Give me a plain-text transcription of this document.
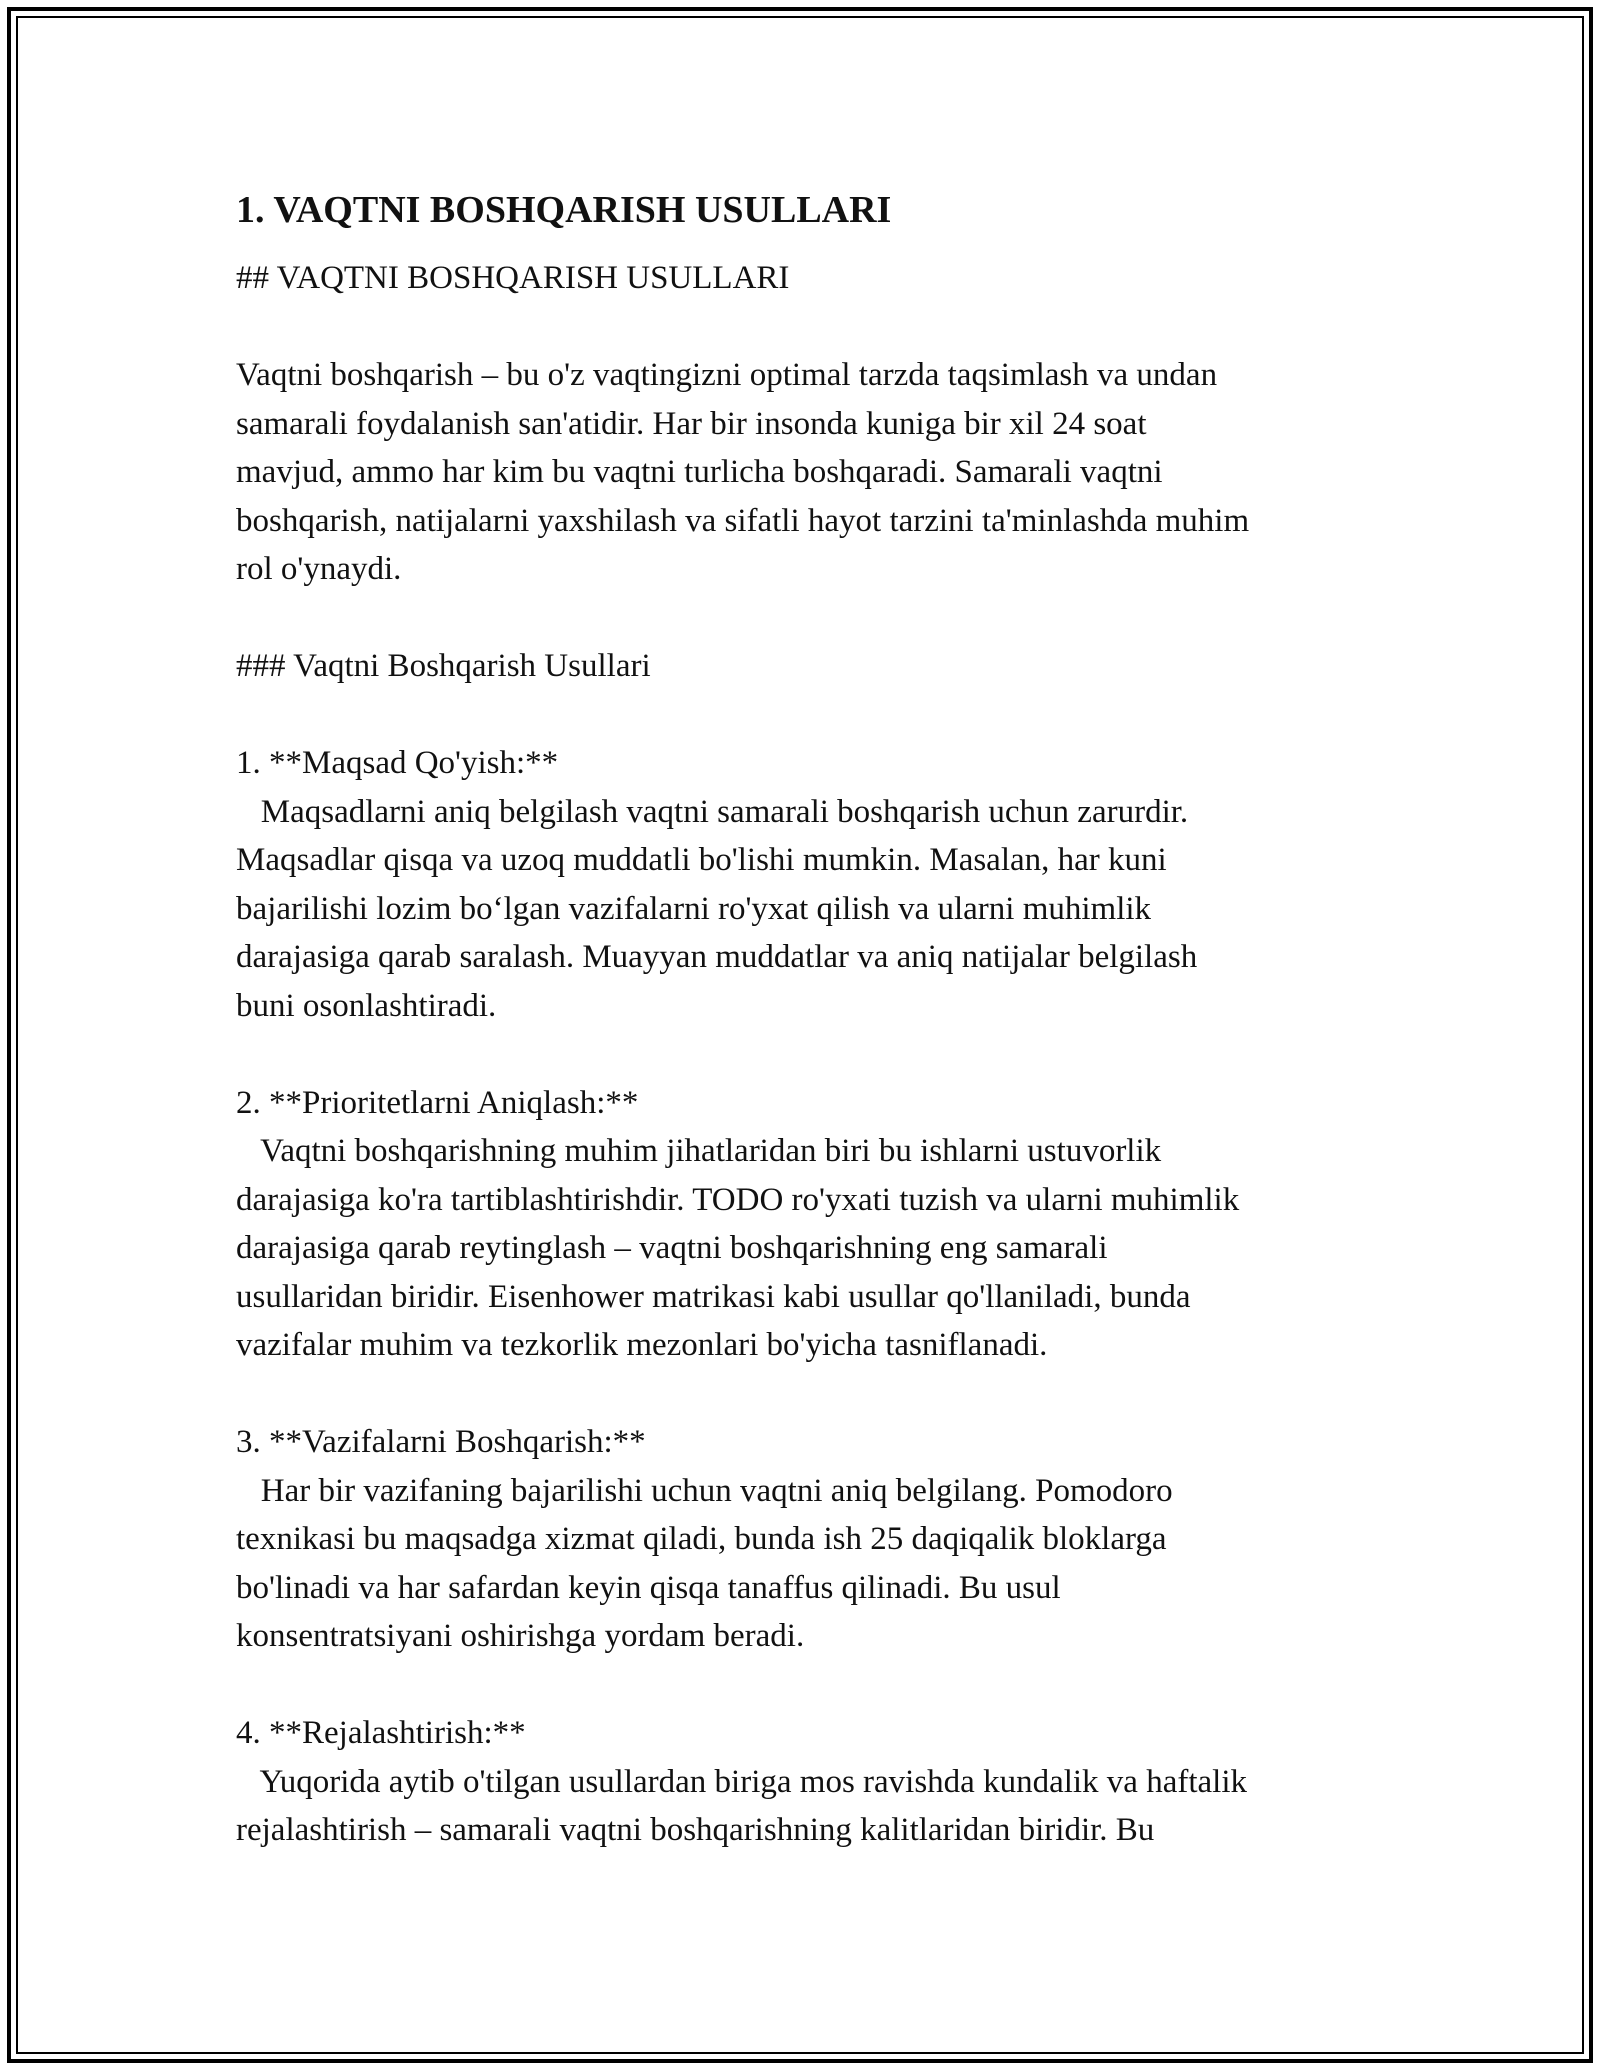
1. VAQTNI BOSHQARISH USULLARI

## VAQTNI BOSHQARISH USULLARI

Vaqtni boshqarish – bu o'z vaqtingizni optimal tarzda taqsimlash va undan

samarali foydalanish san'atidir. Har bir insonda kuniga bir xil 24 soat

mavjud, ammo har kim bu vaqtni turlicha boshqaradi. Samarali vaqtni

boshqarish, natijalarni yaxshilash va sifatli hayot tarzini ta'minlashda muhim

rol o'ynaydi.

### Vaqtni Boshqarish Usullari

1. **Maqsad Qo'yish:**

Maqsadlarni aniq belgilash vaqtni samarali boshqarish uchun zarurdir.

Maqsadlar qisqa va uzoq muddatli bo'lishi mumkin. Masalan, har kuni

bajarilishi lozim bo‘lgan vazifalarni ro'yxat qilish va ularni muhimlik

darajasiga qarab saralash. Muayyan muddatlar va aniq natijalar belgilash

buni osonlashtiradi.

2. **Prioritetlarni Aniqlash:**

Vaqtni boshqarishning muhim jihatlaridan biri bu ishlarni ustuvorlik

darajasiga ko'ra tartiblashtirishdir. TODO ro'yxati tuzish va ularni muhimlik

darajasiga qarab reytinglash – vaqtni boshqarishning eng samarali

usullaridan biridir. Eisenhower matrikasi kabi usullar qo'llaniladi, bunda

vazifalar muhim va tezkorlik mezonlari bo'yicha tasniflanadi.

3. **Vazifalarni Boshqarish:**

Har bir vazifaning bajarilishi uchun vaqtni aniq belgilang. Pomodoro

texnikasi bu maqsadga xizmat qiladi, bunda ish 25 daqiqalik bloklarga

bo'linadi va har safardan keyin qisqa tanaffus qilinadi. Bu usul

konsentratsiyani oshirishga yordam beradi.

4. **Rejalashtirish:**

Yuqorida aytib o'tilgan usullardan biriga mos ravishda kundalik va haftalik

rejalashtirish – samarali vaqtni boshqarishning kalitlaridan biridir. Bu
